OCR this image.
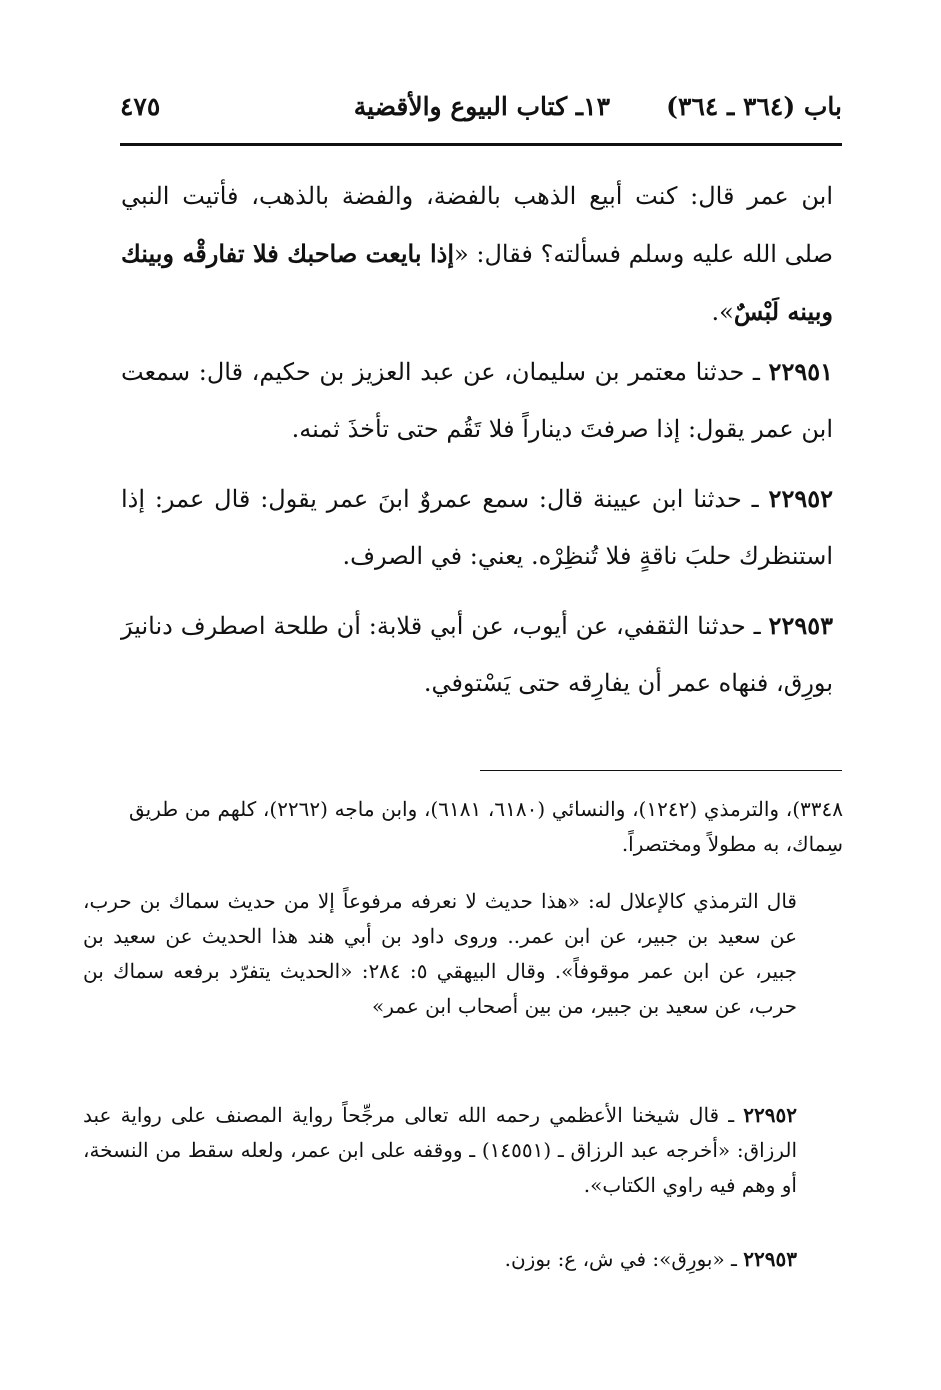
باب (٣٦٤ ـ ٣٦٤)
١٣ـ كتاب البيوع والأقضية
٤٧٥
ابن عمر قال: كنت أبيع الذهب بالفضة، والفضة بالذهب، فأتيت النبي صلى الله عليه وسلم فسألته؟ فقال: «إذا بايعت صاحبك فلا تفارقْه وبينك وبينه لَبْسٌ».
٢٢٩٥١ ـ حدثنا معتمر بن سليمان، عن عبد العزيز بن حكيم، قال: سمعت ابن عمر يقول: إذا صرفتَ ديناراً فلا تَقُم حتى تأخذَ ثمنه.
٢٢٩٥٢ ـ حدثنا ابن عيينة قال: سمع عمروٌ ابنَ عمر يقول: قال عمر: إذا استنظرك حلبَ ناقةٍ فلا تُنظِرْه. يعني: في الصرف.
٢٢٩٥٣ ـ حدثنا الثقفي، عن أيوب، عن أبي قلابة: أن طلحة اصطرف دنانيرَ بورِق، فنهاه عمر أن يفارِقه حتى يَسْتوفي.
٣٣٤٨)، والترمذي (١٢٤٢)، والنسائي (٦١٨٠، ٦١٨١)، وابن ماجه (٢٢٦٢)، كلهم من طريق سِماك، به مطولاً ومختصراً.
قال الترمذي كالإعلال له: «هذا حديث لا نعرفه مرفوعاً إلا من حديث سماك بن حرب، عن سعيد بن جبير، عن ابن عمر.. وروى داود بن أبي هند هذا الحديث عن سعيد بن جبير، عن ابن عمر موقوفاً». وقال البيهقي ٥: ٢٨٤: «الحديث يتفرّد برفعه سماك بن حرب، عن سعيد بن جبير، من بين أصحاب ابن عمر»
٢٢٩٥٢ ـ قال شيخنا الأعظمي رحمه الله تعالى مرجِّحاً رواية المصنف على رواية عبد الرزاق: «أخرجه عبد الرزاق ـ (١٤٥٥١) ـ ووقفه على ابن عمر، ولعله سقط من النسخة، أو وهم فيه راوي الكتاب».
٢٢٩٥٣ ـ «بورِق»: في ش، ع: بوزن.
